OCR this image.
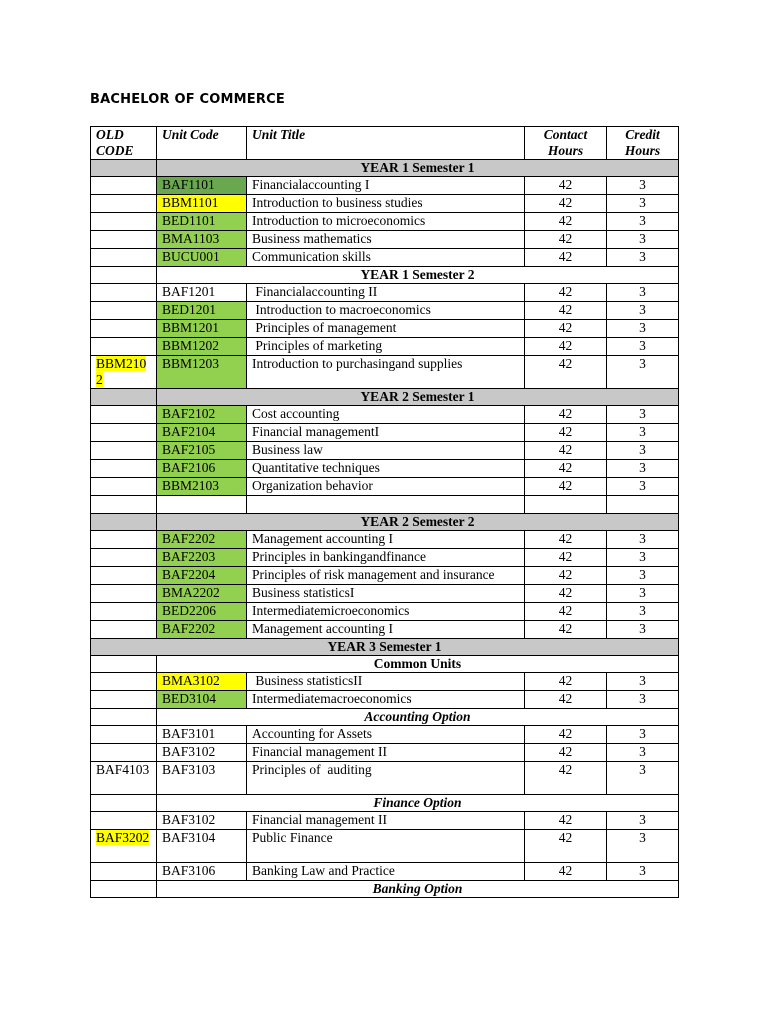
BACHELOR OF COMMERCE
OLD CODE	Unit Code	Unit Title	Contact Hours	Credit Hours
	YEAR 1 Semester 1			
	BAF1101	Financialaccounting I	42	3
	BBM1101	Introduction to business studies	42	3
	BED1101	Introduction to microeconomics	42	3
	BMA1103	Business mathematics	42	3
	BUCU001	Communication skills	42	3
	YEAR 1 Semester 2			
	BAF1201	Financialaccounting II	42	3
	BED1201	Introduction to macroeconomics	42	3
	BBM1201	Principles of management	42	3
	BBM1202	Principles of marketing	42	3
BBM2102	BBM1203	Introduction to purchasingand supplies	42	3
	YEAR 2 Semester 1			
	BAF2102	Cost accounting	42	3
	BAF2104	Financial managementI	42	3
	BAF2105	Business law	42	3
	BAF2106	Quantitative techniques	42	3
	BBM2103	Organization behavior	42	3

	YEAR 2 Semester 2			
	BAF2202	Management accounting I	42	3
	BAF2203	Principles in bankingandfinance	42	3
	BAF2204	Principles of risk management and insurance	42	3
	BMA2202	Business statisticsI	42	3
	BED2206	Intermediatemicroeconomics	42	3
	BAF2202	Management accounting I	42	3
YEAR 3 Semester 1				
	Common Units			
	BMA3102	Business statisticsII	42	3
	BED3104	Intermediatemacroeconomics	42	3
	Accounting Option			
	BAF3101	Accounting for Assets	42	3
	BAF3102	Financial management II	42	3
BAF4103	BAF3103	Principles of  auditing	42	3
	Finance Option			
	BAF3102	Financial management II	42	3
BAF3202	BAF3104	Public Finance	42	3
	BAF3106	Banking Law and Practice	42	3
	Banking Option			
